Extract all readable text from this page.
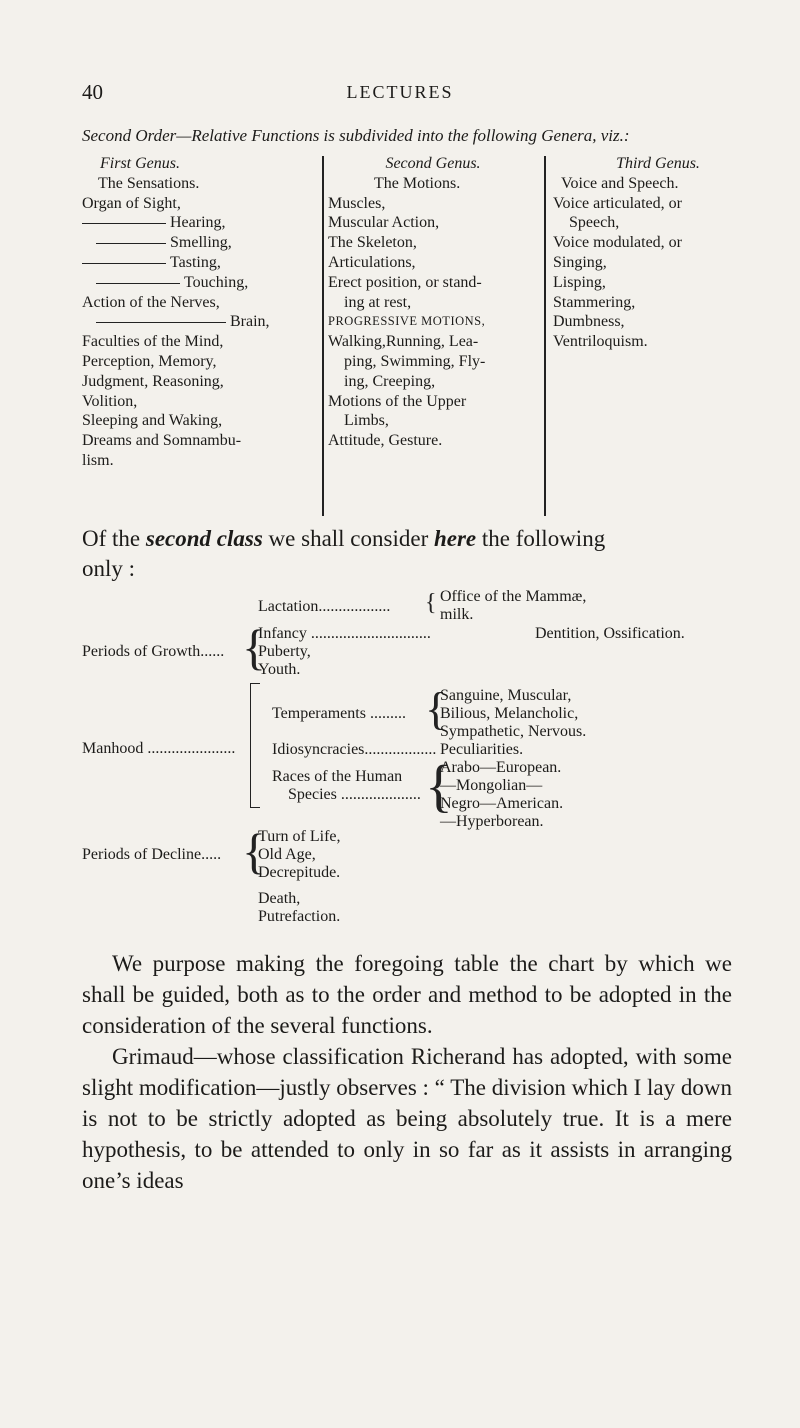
40	LECTURES
Second Order—Relative Functions is subdivided into the following Genera, viz.:
First Genus.
The Sensations.
Organ of Sight,
Hearing,
Smelling,
Tasting,
Touching,
Action of the Nerves,
Brain,
Faculties of the Mind,
Perception, Memory,
Judgment, Reasoning,
Volition,
Sleeping and Waking,
Dreams and Somnambu-
lism.
Second Genus.
The Motions.
Muscles,
Muscular Action,
The Skeleton,
Articulations,
Erect position, or stand-
ing at rest,
PROGRESSIVE MOTIONS,
Walking,Running, Lea-
ping, Swimming, Fly-
ing, Creeping,
Motions of the Upper
Limbs,
Attitude, Gesture.
Third Genus.
Voice and Speech.
Voice articulated, or
Speech,
Voice modulated, or
Singing,
Lisping,
Stammering,
Dumbness,
Ventriloquism.
Of the second class we shall consider here the following
only :
Lactation.................. { Office of the Mammæ,
milk.
Periods of Growth...... {
Infancy ..............................	Dentition, Ossification.
Puberty,
Youth.
Manhood ......................
Temperaments ......... {
Sanguine, Muscular,
Bilious, Melancholic,
Sympathetic, Nervous.
Idiosyncracies.................. Peculiarities.
Races of the Human
Species .................... {
Arabo—European.
—Mongolian—
Negro—American.
—Hyperborean.
Periods of Decline..... {
Turn of Life,
Old Age,
Decrepitude.
Death,
Putrefaction.

We purpose making the foregoing table the chart by which we shall be guided, both as to the order and method to be adopted in the consideration of the several functions.

Grimaud—whose classification Richerand has adopted, with some slight modification—justly observes : “ The division which I lay down is not to be strictly adopted as being absolutely true. It is a mere hypothesis, to be attended to only in so far as it assists in arranging one’s ideas
